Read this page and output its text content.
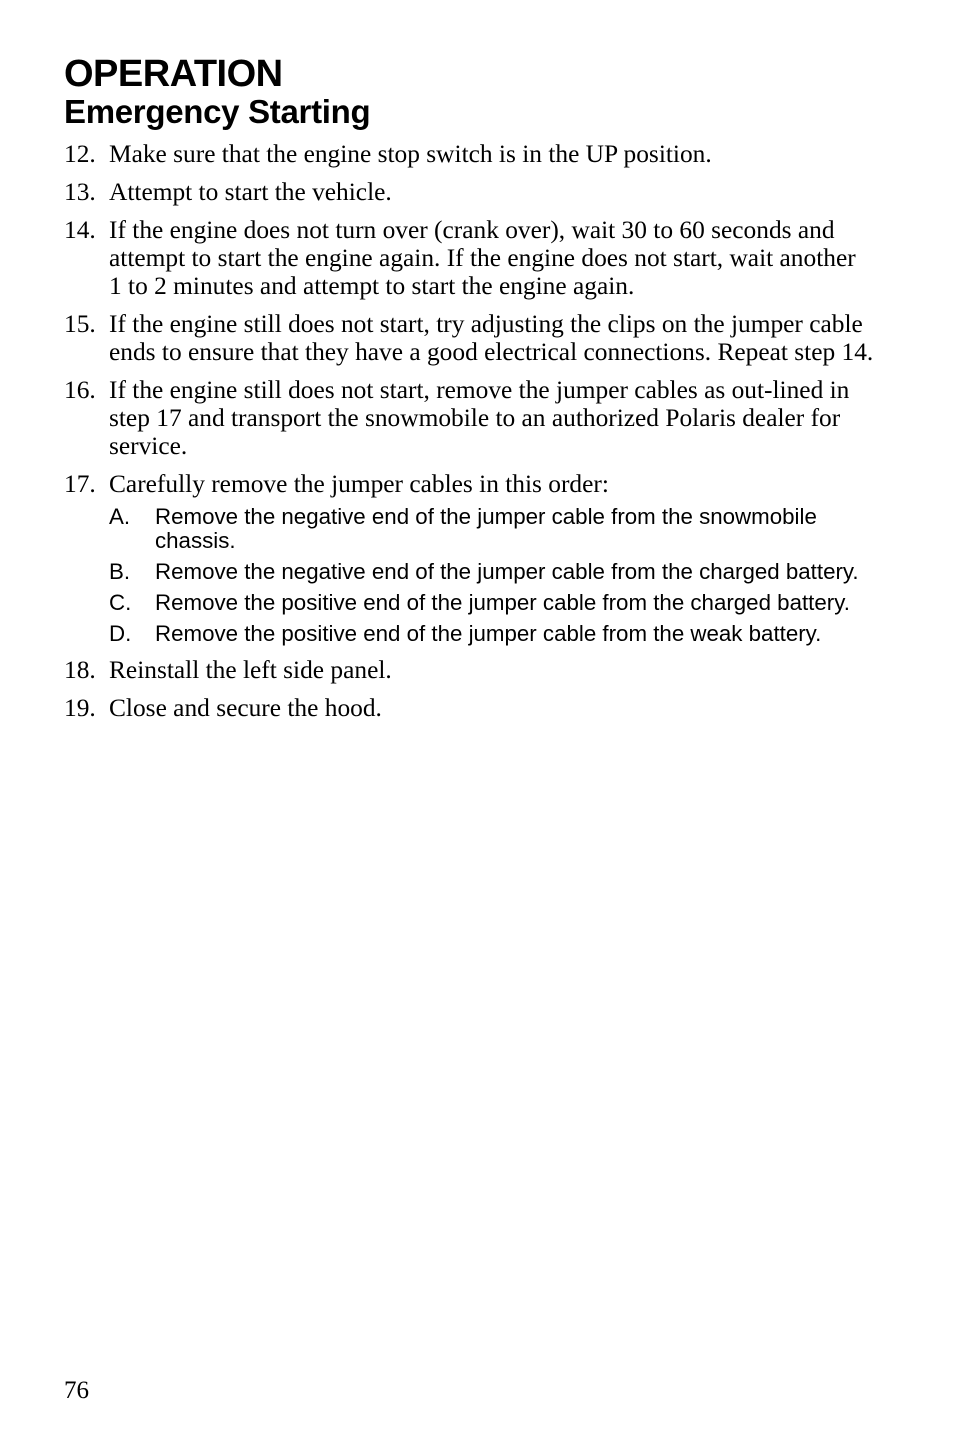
OPERATION
Emergency Starting
12. Make sure that the engine stop switch is in the UP position.
13. Attempt to start the vehicle.
14. If the engine does not turn over (crank over), wait 30 to 60 seconds and attempt to start the engine again. If the engine does not start, wait another 1 to 2 minutes and attempt to start the engine again.
15. If the engine still does not start, try adjusting the clips on the jumper cable ends to ensure that they have a good electrical connections. Repeat step 14.
16. If the engine still does not start, remove the jumper cables as out-lined in step 17 and transport the snowmobile to an authorized Polaris dealer for service.
17. Carefully remove the jumper cables in this order:
A. Remove the negative end of the jumper cable from the snowmobile chassis.
B. Remove the negative end of the jumper cable from the charged battery.
C. Remove the positive end of the jumper cable from the charged battery.
D. Remove the positive end of the jumper cable from the weak battery.
18. Reinstall the left side panel.
19. Close and secure the hood.
76
